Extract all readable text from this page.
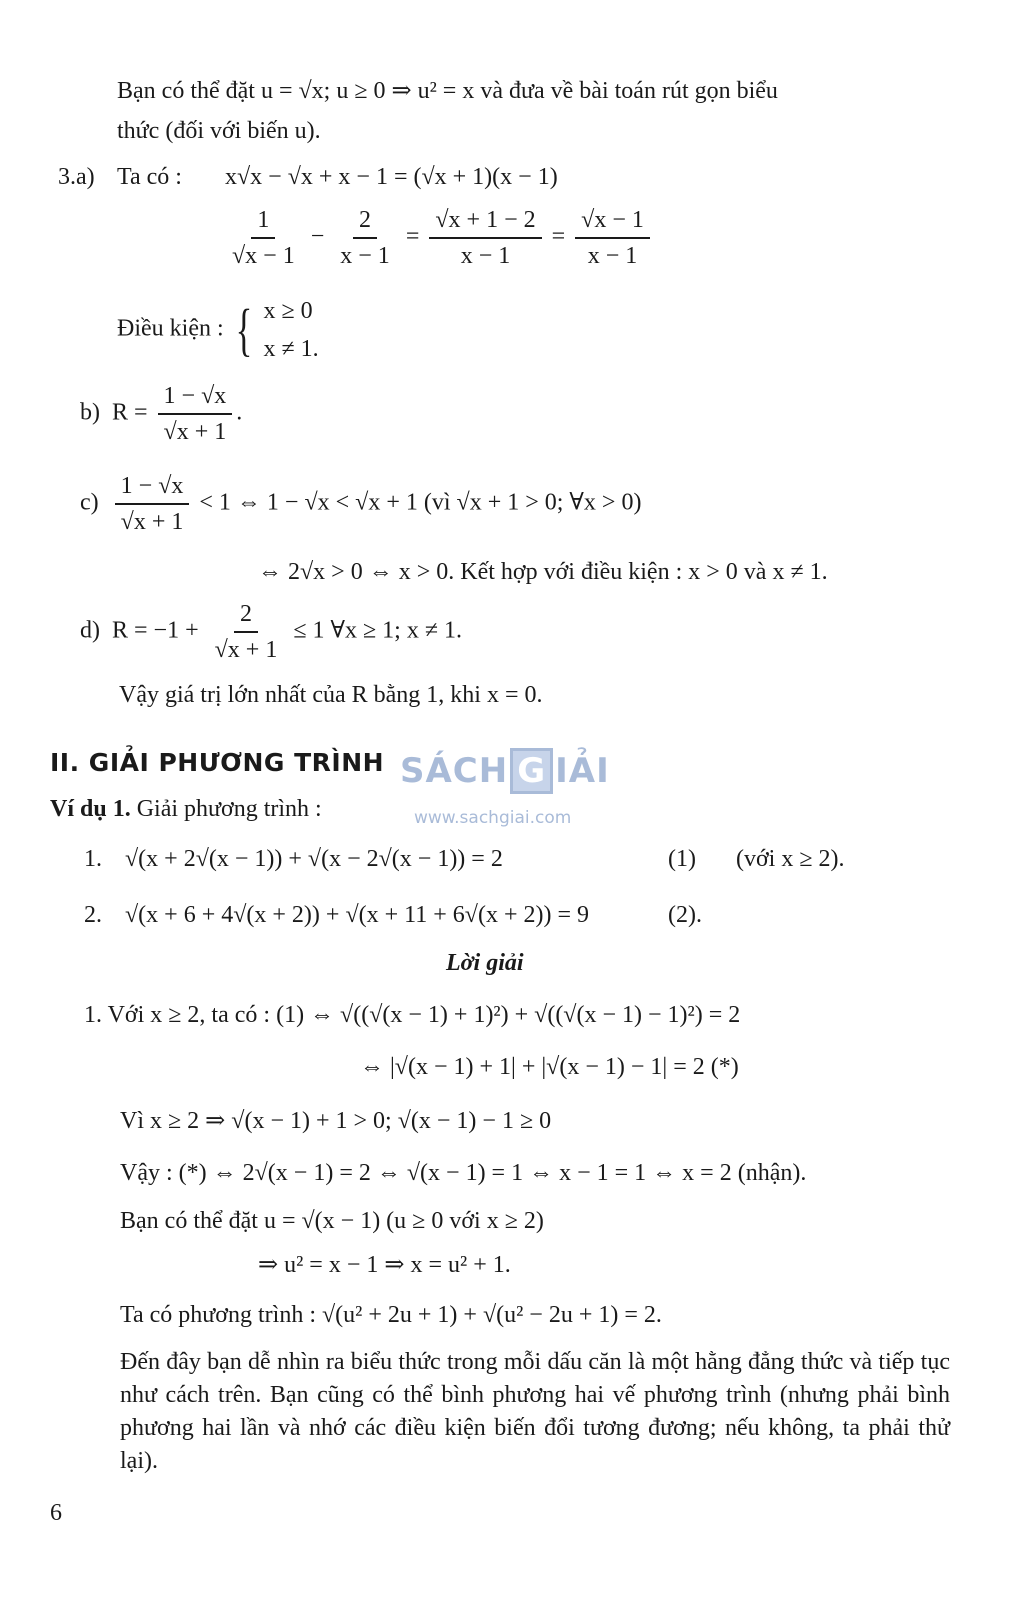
Bạn có thể đặt u = √x; u ≥ 0 ⇒ u² = x và đưa về bài toán rút gọn biểu
thức (đối với biến u).
3.a) Ta có : x√x − √x + x − 1 = (√x + 1)(x − 1)
$\frac{1}{√x - 1} - \frac{2}{x - 1} = \frac{√x + 1 - 2}{x - 1} = \frac{√x - 1}{x - 1}$
Điều kiện : { x ≥ 0
x ≠ 1.
b) $R = \frac{1 - √x}{√x + 1}$ .
$c) \frac{1 - √x}{√x + 1} < 1$ ⇔ 1 − √x < √x + 1 (vì √x + 1 > 0; ∀x > 0)
⇔ 2√x > 0 ⇔ x > 0. Kết hợp với điều kiện : x > 0 và x ≠ 1.
d) $R = -1 + \frac{2}{√x + 1} \le 1$ ∀x ≥ 1; x ≠ 1.
Vậy giá trị lớn nhất của R bằng 1, khi x = 0.
II. GIẢI PHƯƠNG TRÌNH SÁCH G IẢI
www.sachgiai.com
Ví dụ 1. Giải phương trình :
1. √(x + 2√(x − 1)) + √(x − 2√(x − 1)) = 2	(1) (với x ≥ 2).
2. √(x + 6 + 4√(x + 2)) + √(x + 11 + 6√(x + 2)) = 9	(2).
Lời giải
1. Với x ≥ 2, ta có : (1) ⇔ √((√(x − 1) + 1)²) + √((√(x − 1) − 1)²) = 2
⇔ |√(x − 1) + 1| + |√(x − 1) − 1| = 2 (*)
Vì x ≥ 2 ⇒ √(x − 1) + 1 > 0; √(x − 1) − 1 ≥ 0
Vậy : (*) ⇔ 2√(x − 1) = 2 ⇔ √(x − 1) = 1 ⇔ x − 1 = 1 ⇔ x = 2 (nhận).
Bạn có thể đặt u = √(x − 1) (u ≥ 0 với x ≥ 2)
⇒ u² = x − 1 ⇒ x = u² + 1.
Ta có phương trình : √(u² + 2u + 1) + √(u² − 2u + 1) = 2.
Đến đây bạn dễ nhìn ra biểu thức trong mỗi dấu căn là một hằng đẳng thức và tiếp tục như cách trên. Bạn cũng có thể bình phương hai vế phương trình (nhưng phải bình phương hai lần và nhớ các điều kiện biến đổi tương đương; nếu không, ta phải thử lại).
6
